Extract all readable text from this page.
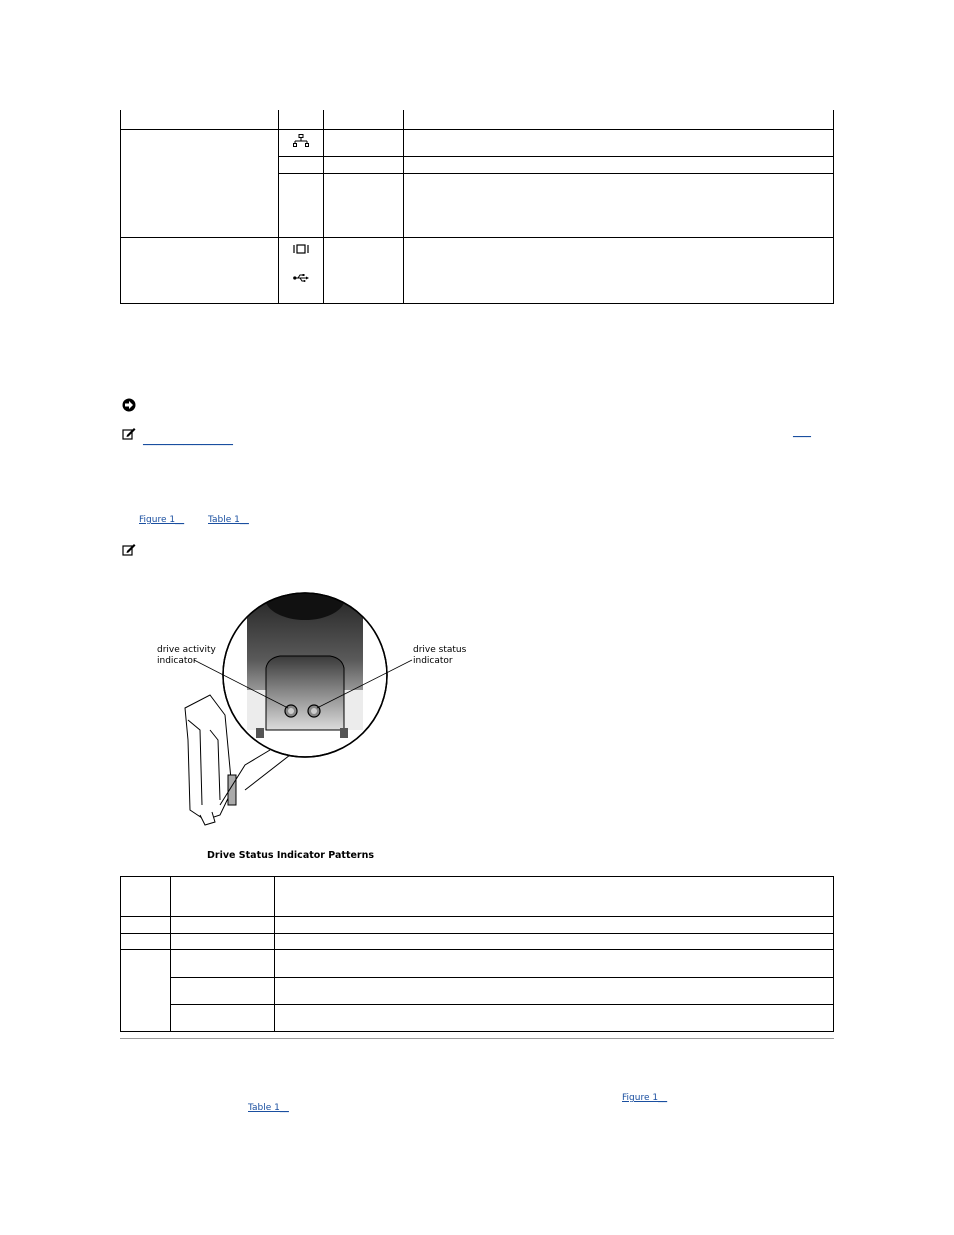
____
____________________
Figure 1__	Table 1__
drive activity
indicator
drive status
indicator
Drive Status Indicator Patterns

Figure 1__
Table 1__
